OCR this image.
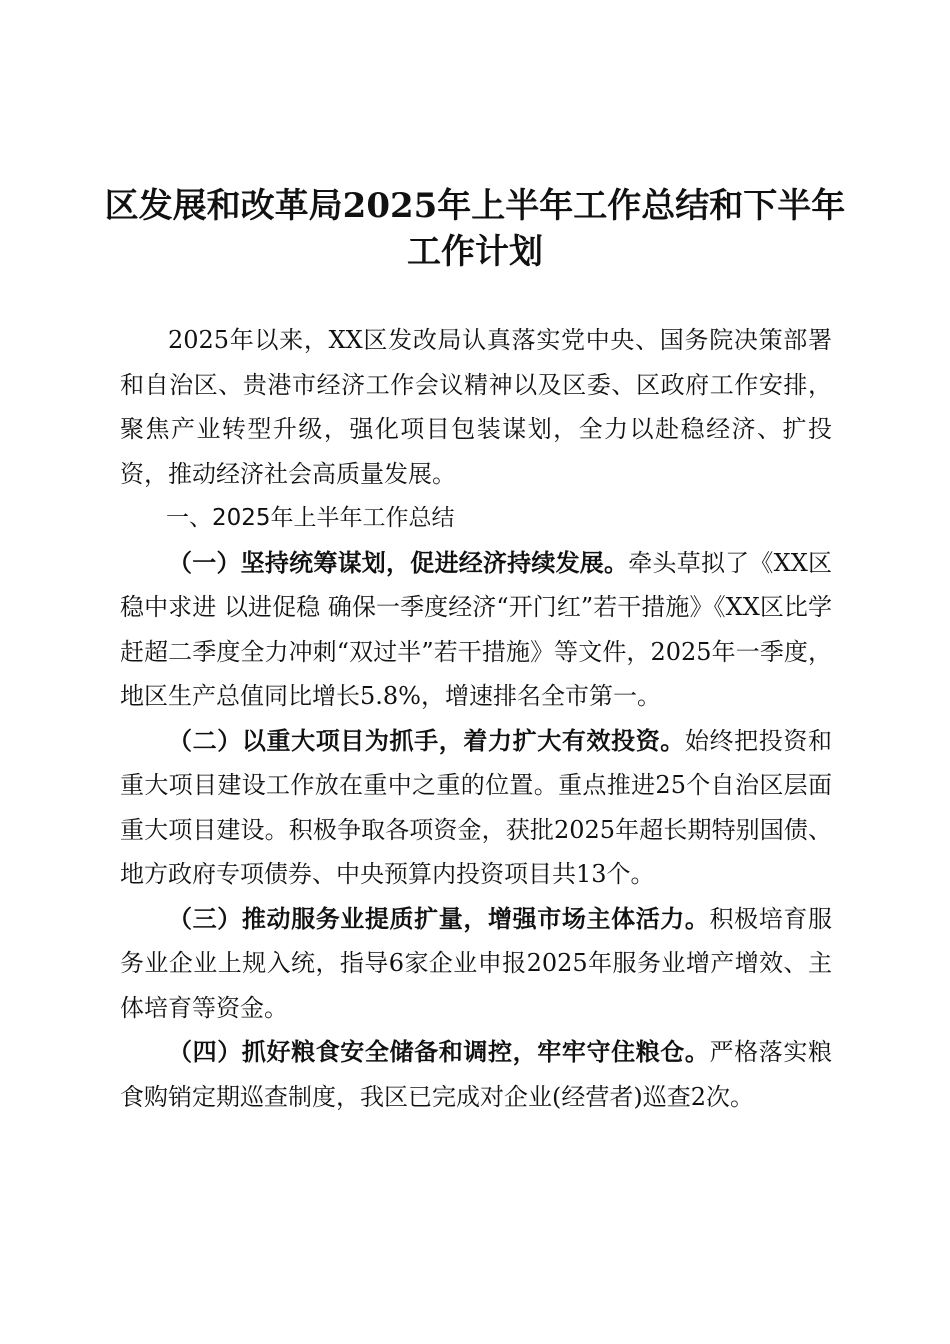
区发展和改革局2025年上半年工作总结和下半年工作计划

2025年以来，XX区发改局认真落实党中央、国务院决策部署和自治区、贵港市经济工作会议精神以及区委、区政府工作安排，聚焦产业转型升级，强化项目包装谋划，全力以赴稳经济、扩投资，推动经济社会高质量发展。

一、2025年上半年工作总结

（一）坚持统筹谋划，促进经济持续发展。牵头草拟了《XX区稳中求进 以进促稳 确保一季度经济“开门红”若干措施》《XX区比学赶超二季度全力冲刺“双过半”若干措施》等文件，2025年一季度，地区生产总值同比增长5.8%，增速排名全市第一。

（二）以重大项目为抓手，着力扩大有效投资。始终把投资和重大项目建设工作放在重中之重的位置。重点推进25个自治区层面重大项目建设。积极争取各项资金，获批2025年超长期特别国债、地方政府专项债券、中央预算内投资项目共13个。

（三）推动服务业提质扩量，增强市场主体活力。积极培育服务业企业上规入统，指导6家企业申报2025年服务业增产增效、主体培育等资金。

（四）抓好粮食安全储备和调控，牢牢守住粮仓。严格落实粮食购销定期巡查制度，我区已完成对企业(经营者)巡查2次。
